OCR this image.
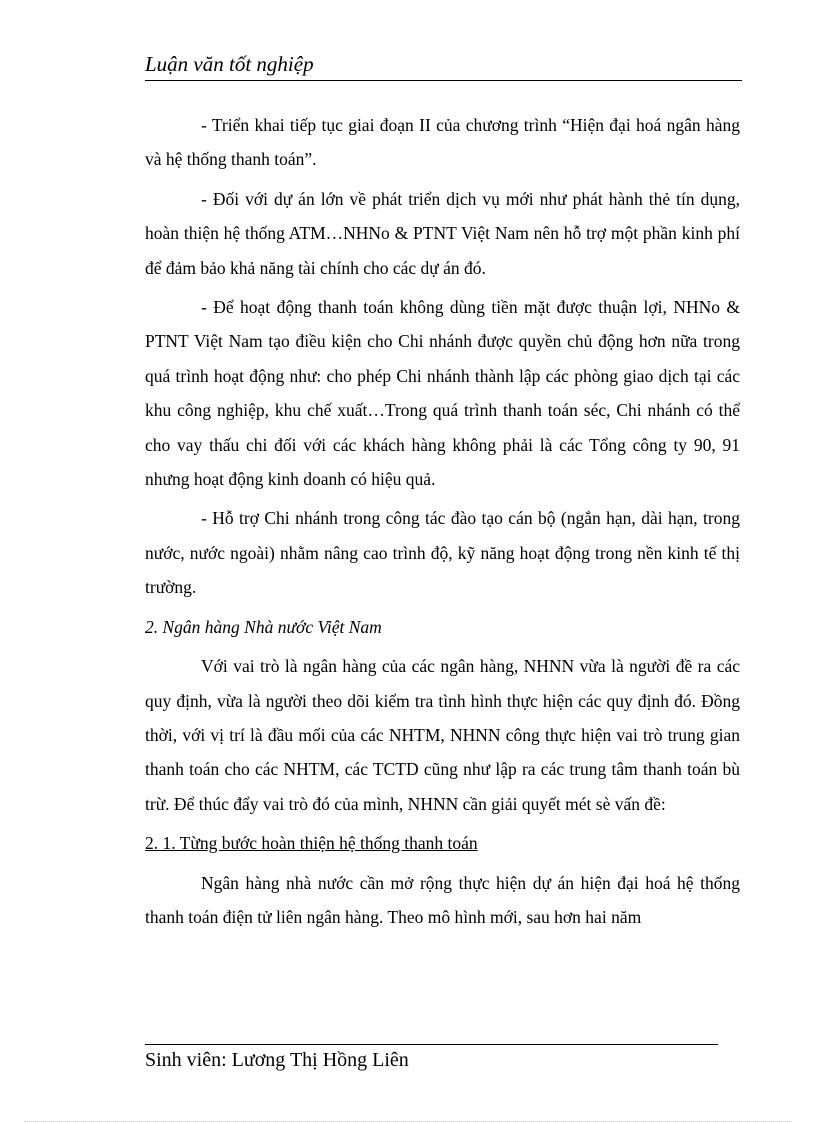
Luận văn tốt nghiệp

- Triển khai tiếp tục giai đoạn II của chương trình “Hiện đại hoá ngân hàng và hệ thống thanh toán”.

- Đối với dự án lớn về phát triển dịch vụ mới như phát hành thẻ tín dụng, hoàn thiện hệ thống ATM…NHNo & PTNT Việt Nam nên hỗ trợ một phần kinh phí để đảm bảo khả năng tài chính cho các dự án đó.

- Để hoạt động thanh toán không dùng tiền mặt được thuận lợi, NHNo & PTNT Việt Nam tạo điều kiện cho Chi nhánh được quyền chủ động hơn nữa trong quá trình hoạt động như: cho phép Chi nhánh thành lập các phòng giao dịch tại các khu công nghiệp, khu chế xuất…Trong quá trình thanh toán séc, Chi nhánh có thể cho vay thấu chi đối với các khách hàng không phải là các Tổng công ty 90, 91 nhưng hoạt động kinh doanh có hiệu quả.

- Hỗ trợ Chi nhánh trong công tác đào tạo cán bộ (ngắn hạn, dài hạn, trong nước, nước ngoài) nhằm nâng cao trình độ, kỹ năng hoạt động trong nền kinh tế thị trường.

2. Ngân hàng Nhà nước Việt Nam

Với vai trò là ngân hàng của các ngân hàng, NHNN vừa là người đề ra các quy định, vừa là người theo dõi kiểm tra tình hình thực hiện các quy định đó. Đồng thời, với vị trí là đầu mối của các NHTM, NHNN công thực hiện vai trò trung gian thanh toán cho các NHTM, các TCTD cũng như lập ra các trung tâm thanh toán bù trừ. Để thúc đẩy vai trò đó của mình, NHNN cần giải quyết mét sè vấn đề:

2. 1. Từng bước hoàn thiện hệ thống thanh toán

Ngân hàng nhà nước cần mở rộng thực hiện dự án hiện đại hoá hệ thống thanh toán điện tử liên ngân hàng. Theo mô hình mới, sau hơn hai năm

Sinh viên: Lương Thị Hồng Liên
